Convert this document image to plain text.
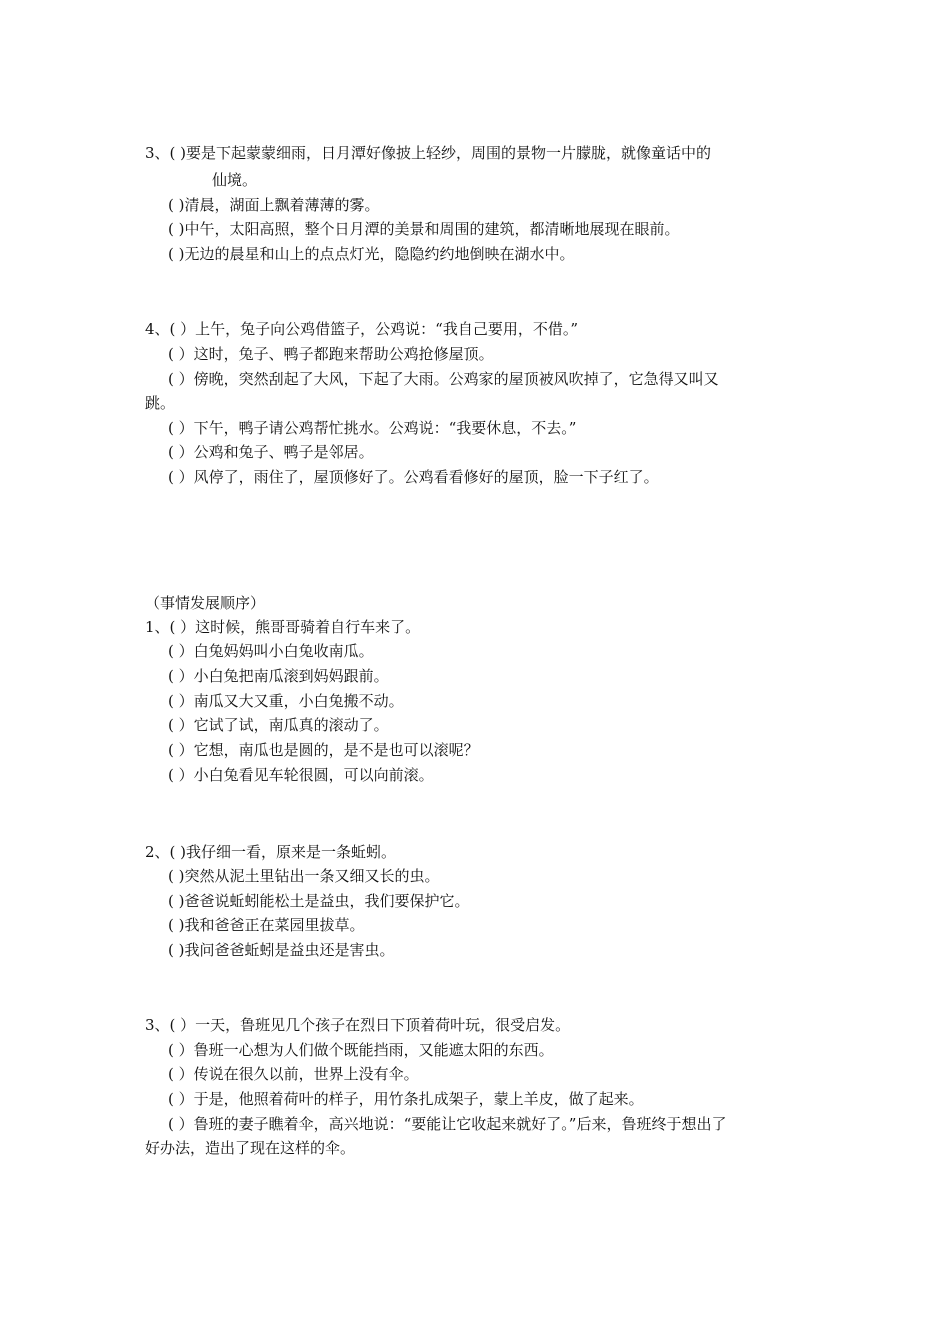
3、( )要是下起蒙蒙细雨，日月潭好像披上轻纱，周围的景物一片朦胧，就像童话中的
仙境。
( )清晨，湖面上飘着薄薄的雾。
( )中午，太阳高照，整个日月潭的美景和周围的建筑，都清晰地展现在眼前。
( )无边的晨星和山上的点点灯光，隐隐约约地倒映在湖水中。
4、( ）上午，兔子向公鸡借篮子，公鸡说：“我自己要用，不借。”
( ）这时，兔子、鸭子都跑来帮助公鸡抢修屋顶。
( ）傍晚，突然刮起了大风，下起了大雨。公鸡家的屋顶被风吹掉了，它急得又叫又
跳。
( ）下午，鸭子请公鸡帮忙挑水。公鸡说：“我要休息，不去。”
( ）公鸡和兔子、鸭子是邻居。
( ）风停了，雨住了，屋顶修好了。公鸡看看修好的屋顶，脸一下子红了。
（事情发展顺序）
1、( ）这时候，熊哥哥骑着自行车来了。
( ）白兔妈妈叫小白兔收南瓜。
( ）小白兔把南瓜滚到妈妈跟前。
( ）南瓜又大又重，小白兔搬不动。
( ）它试了试，南瓜真的滚动了。
( ）它想，南瓜也是圆的，是不是也可以滚呢？
( ）小白兔看见车轮很圆，可以向前滚。
2、( )我仔细一看，原来是一条蚯蚓。
( )突然从泥土里钻出一条又细又长的虫。
( )爸爸说蚯蚓能松土是益虫，我们要保护它。
( )我和爸爸正在菜园里拔草。
( )我问爸爸蚯蚓是益虫还是害虫。
3、( ）一天，鲁班见几个孩子在烈日下顶着荷叶玩，很受启发。
( ）鲁班一心想为人们做个既能挡雨，又能遮太阳的东西。
( ）传说在很久以前，世界上没有伞。
( ）于是，他照着荷叶的样子，用竹条扎成架子，蒙上羊皮，做了起来。
( ）鲁班的妻子瞧着伞，高兴地说：“要能让它收起来就好了。”后来，鲁班终于想出了
好办法，造出了现在这样的伞。
